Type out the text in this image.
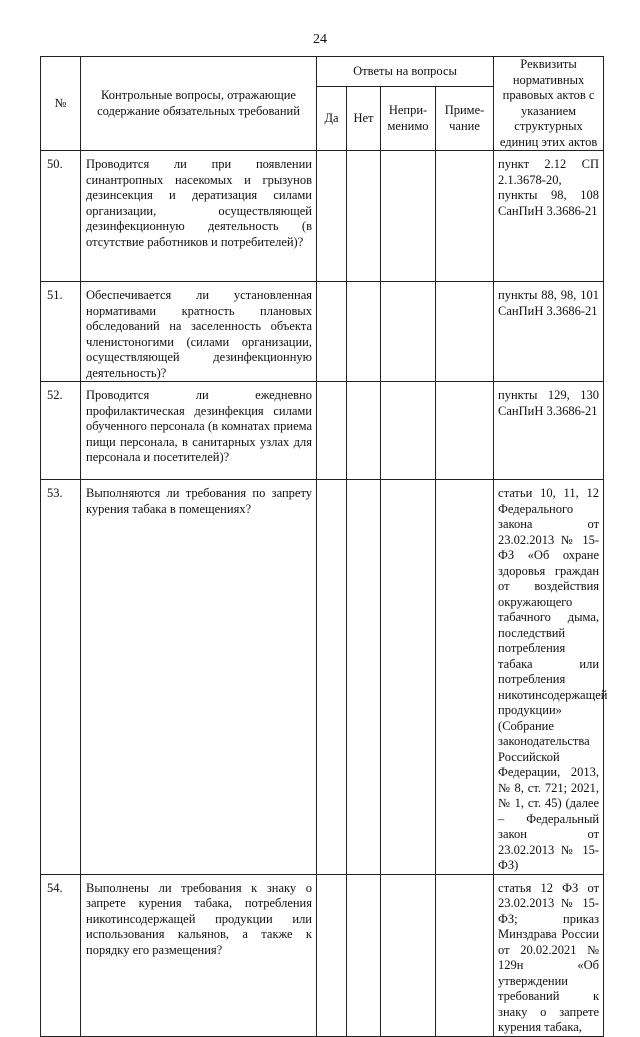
24
№	Контрольные вопросы, отражающие содержание обязательных требований	Ответы на вопросы				Реквизиты нормативных правовых актов с указанием структурных единиц этих актов
		Да	Нет	Непри-менимо	Приме-чание	
50.	Проводится ли при появлении синантропных насекомых и грызунов дезинсекция и дератизация силами организации, осуществляющей дезинфекционную деятельность (в отсутствие работников и потребителей)?					пункт 2.12 СП 2.1.3678-20, пункты 98, 108 СанПиН 3.3686-21
51.	Обеспечивается ли установленная нормативами кратность плановых обследований на заселенность объекта членистоногими (силами организации, осуществляющей дезинфекционную деятельность)?					пункты 88, 98, 101 СанПиН 3.3686-21
52.	Проводится ли ежедневно профилактическая дезинфекция силами обученного персонала (в комнатах приема пищи персонала, в санитарных узлах для персонала и посетителей)?					пункты 129, 130 СанПиН 3.3686-21
53.	Выполняются ли требования по запрету курения табака в помещениях?					статьи 10, 11, 12 Федерального закона от 23.02.2013 № 15-ФЗ «Об охране здоровья граждан от воздействия окружающего табачного дыма, последствий потребления табака или потребления никотинсодержащей продукции» (Собрание законодательства Российской Федерации, 2013, № 8, ст. 721; 2021, № 1, ст. 45) (далее – Федеральный закон от 23.02.2013 № 15-ФЗ)
54.	Выполнены ли требования к знаку о запрете курения табака, потребления никотинсодержащей продукции или использования кальянов, а также к порядку его размещения?					статья 12 ФЗ от 23.02.2013 № 15-ФЗ; приказ Минздрава России от 20.02.2021 № 129н «Об утверждении требований к знаку о запрете курения табака,
